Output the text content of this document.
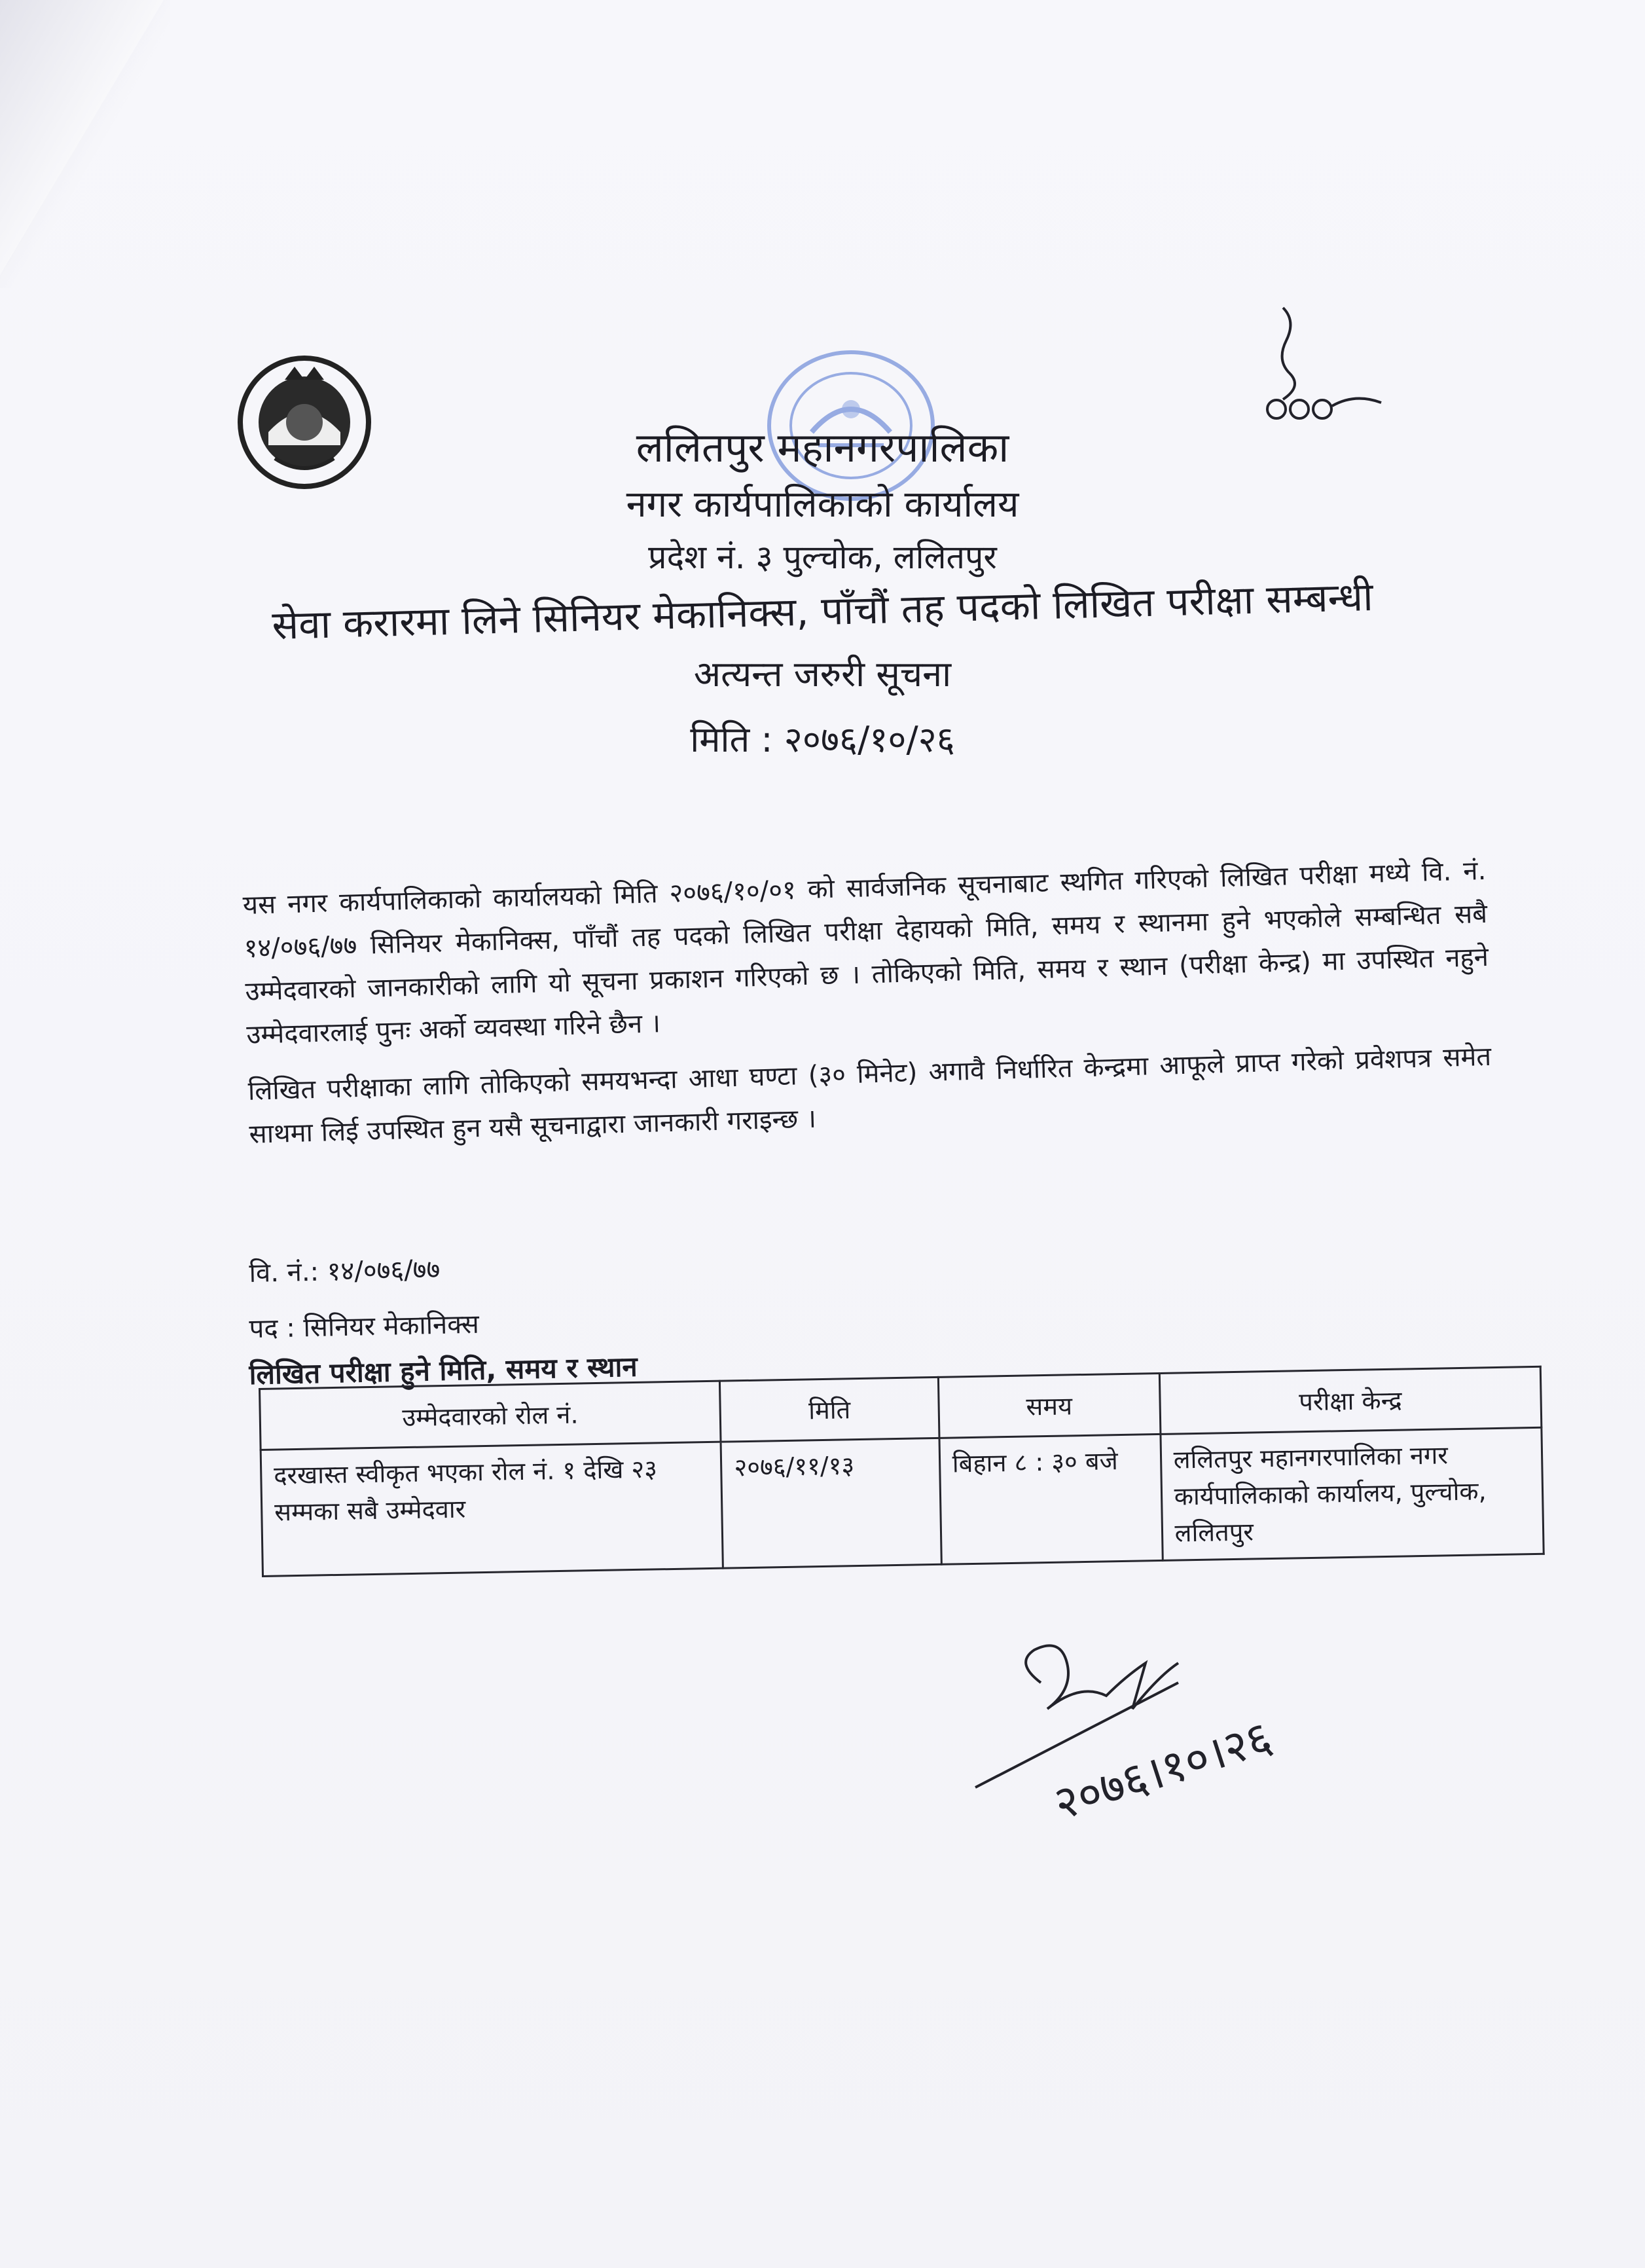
ललितपुर महानगरपालिका
नगर कार्यपालिकाको कार्यालय
प्रदेश नं. ३ पुल्चोक, ललितपुर
सेवा करारमा लिने सिनियर मेकानिक्स, पाँचौं तह पदको लिखित परीक्षा सम्बन्धी
अत्यन्त जरुरी सूचना
मिति : २०७६/१०/२६

यस नगर कार्यपालिकाको कार्यालयको मिति २०७६/१०/०१ को सार्वजनिक सूचनाबाट स्थगित गरिएको लिखित परीक्षा मध्ये वि. नं. १४/०७६/७७ सिनियर मेकानिक्स, पाँचौं तह पदको लिखित परीक्षा देहायको मिति, समय र स्थानमा हुने भएकोले सम्बन्धित सबै उम्मेदवारको जानकारीको लागि यो सूचना प्रकाशन गरिएको छ । तोकिएको मिति, समय र स्थान (परीक्षा केन्द्र) मा उपस्थित नहुने उम्मेदवारलाई पुनः अर्को व्यवस्था गरिने छैन ।

लिखित परीक्षाका लागि तोकिएको समयभन्दा आधा घण्टा (३० मिनेट) अगावै निर्धारित केन्द्रमा आफूले प्राप्त गरेको प्रवेशपत्र समेत साथमा लिई उपस्थित हुन यसै सूचनाद्वारा जानकारी गराइन्छ ।

वि. नं.: १४/०७६/७७
पद : सिनियर मेकानिक्स
लिखित परीक्षा हुने मिति, समय र स्थान
उम्मेदवारको रोल नं.	मिति	समय	परीक्षा केन्द्र
दरखास्त स्वीकृत भएका रोल नं. १ देखि २३ सम्मका सबै उम्मेदवार	२०७६/११/१३	बिहान ८ : ३० बजे	ललितपुर महानगरपालिका नगर कार्यपालिकाको कार्यालय, पुल्चोक, ललितपुर
२०७६।१०।२६
